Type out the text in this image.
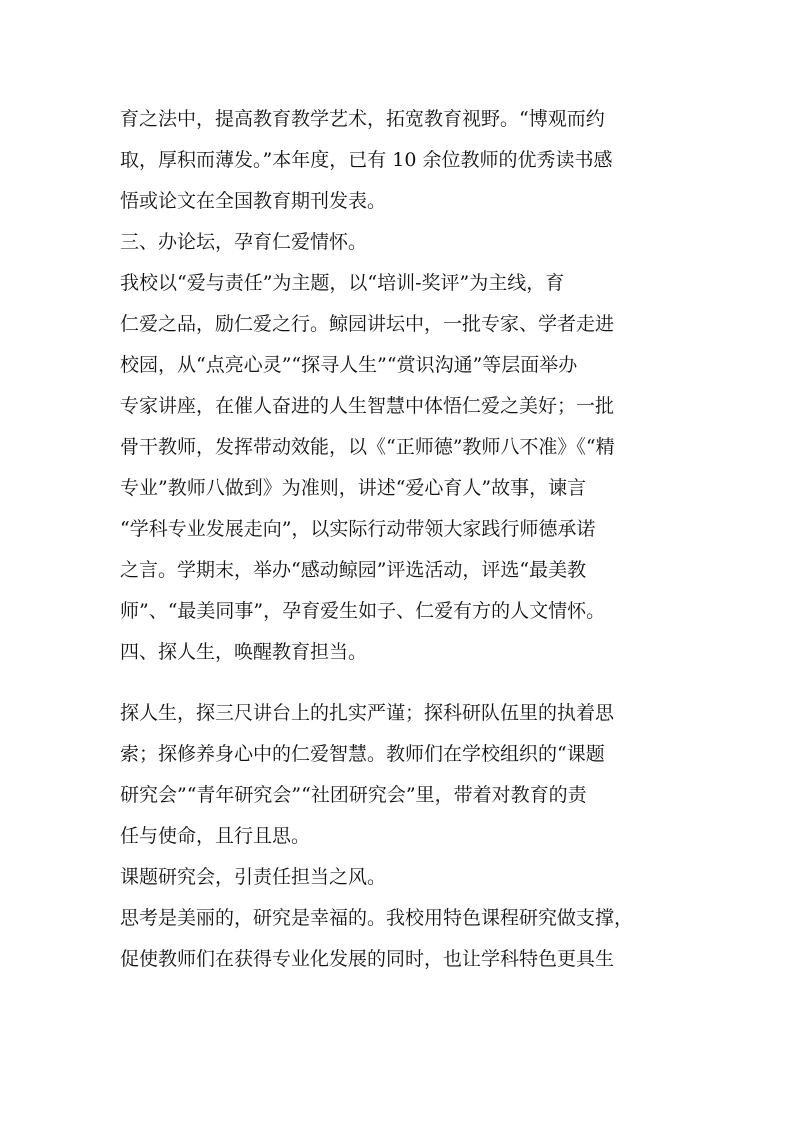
育之法中，提高教育教学艺术，拓宽教育视野。“博观而约
取，厚积而薄发。”本年度，已有 10 余位教师的优秀读书感
悟或论文在全国教育期刊发表。
三、办论坛，孕育仁爱情怀。
我校以“爱与责任”为主题，以“培训-奖评”为主线，育
仁爱之品，励仁爱之行。鲸园讲坛中，一批专家、学者走进
校园，从“点亮心灵”“探寻人生”“赏识沟通”等层面举办
专家讲座，在催人奋进的人生智慧中体悟仁爱之美好；一批
骨干教师，发挥带动效能，以《“正师德”教师八不准》《“精
专业”教师八做到》为准则，讲述“爱心育人”故事，谏言
“学科专业发展走向”，以实际行动带领大家践行师德承诺
之言。学期末，举办“感动鲸园”评选活动，评选“最美教
师”、“最美同事”，孕育爱生如子、仁爱有方的人文情怀。
四、探人生，唤醒教育担当。
探人生，探三尺讲台上的扎实严谨；探科研队伍里的执着思
索；探修养身心中的仁爱智慧。教师们在学校组织的“课题
研究会”“青年研究会”“社团研究会”里，带着对教育的责
任与使命，且行且思。
课题研究会，引责任担当之风。
思考是美丽的，研究是幸福的。我校用特色课程研究做支撑，
促使教师们在获得专业化发展的同时，也让学科特色更具生
